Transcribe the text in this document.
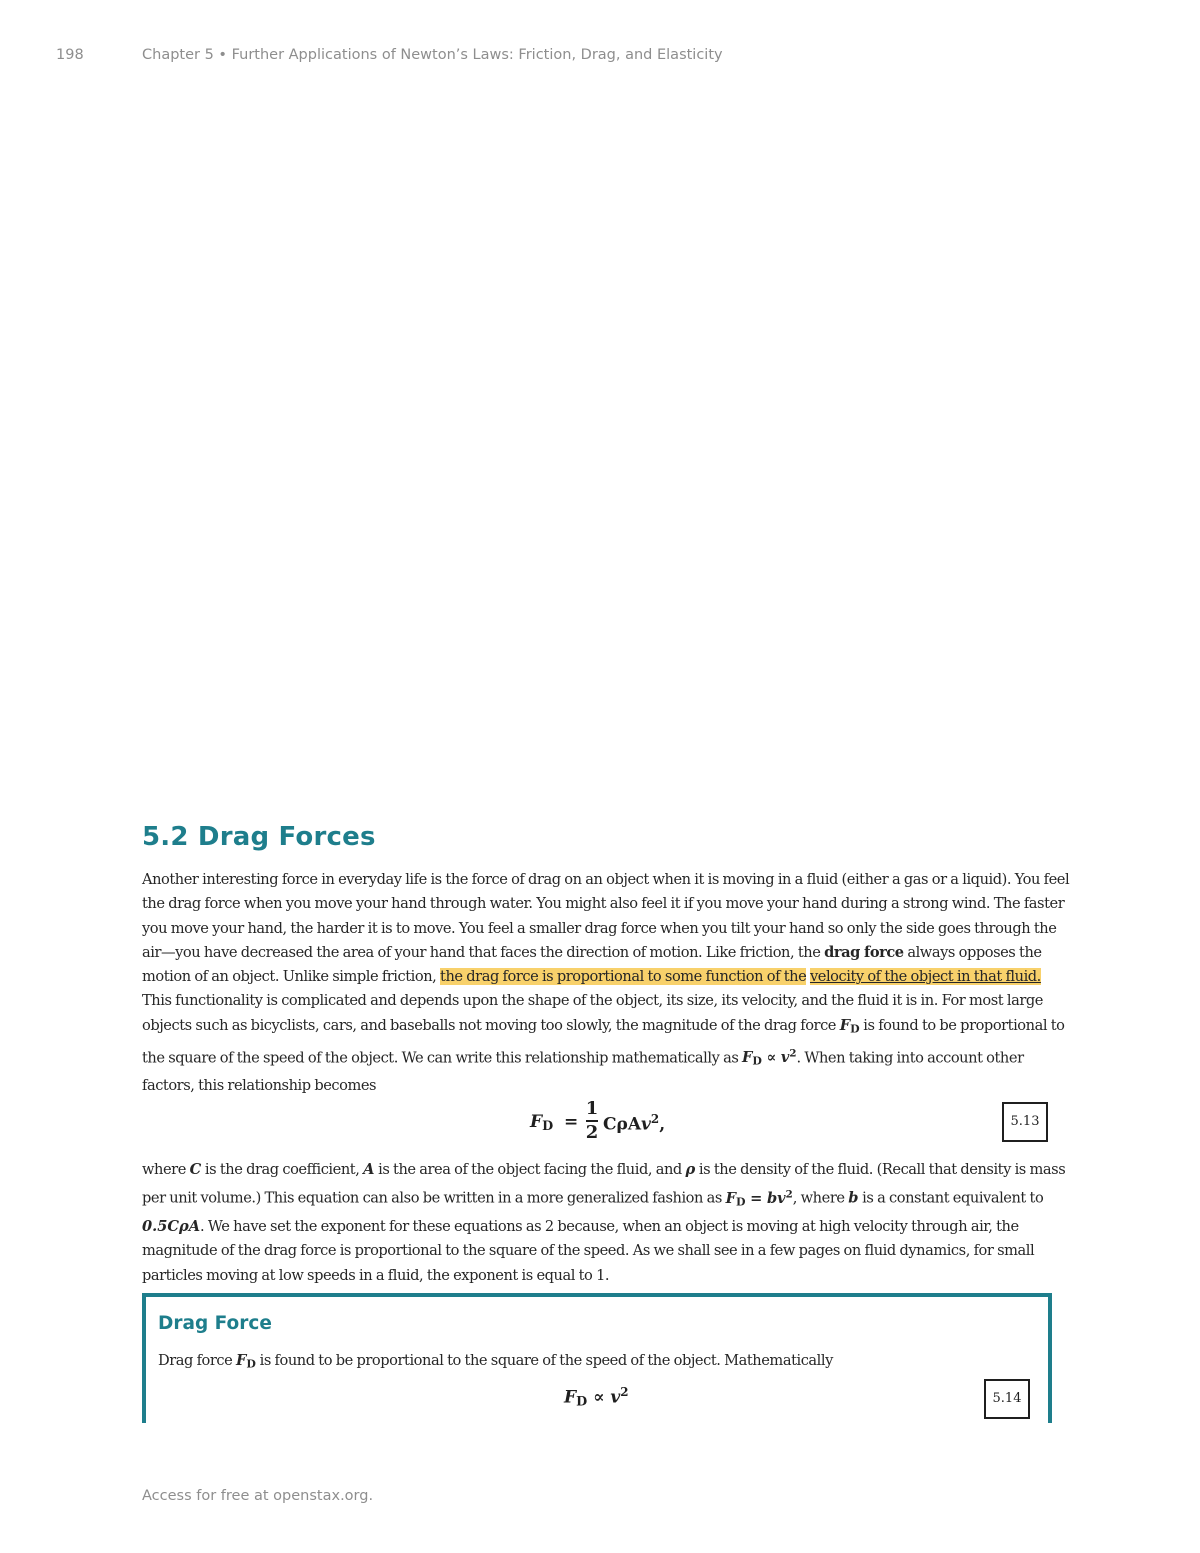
198	Chapter 5 • Further Applications of Newton’s Laws: Friction, Drag, and Elasticity
5.2 Drag Forces
Another interesting force in everyday life is the force of drag on an object when it is moving in a fluid (either a gas or a liquid). You feel the drag force when you move your hand through water. You might also feel it if you move your hand during a strong wind. The faster you move your hand, the harder it is to move. You feel a smaller drag force when you tilt your hand so only the side goes through the air—you have decreased the area of your hand that faces the direction of motion. Like friction, the drag force always opposes the motion of an object. Unlike simple friction, the drag force is proportional to some function of the velocity of the object in that fluid. This functionality is complicated and depends upon the shape of the object, its size, its velocity, and the fluid it is in. For most large objects such as bicyclists, cars, and baseballs not moving too slowly, the magnitude of the drag force $F_D$ is found to be proportional to the square of the speed of the object. We can write this relationship mathematically as $F_D \propto v^2$. When taking into account other factors, this relationship becomes
$F_D$ =
1
2 CρAv$^2$,	5.13
where C is the drag coefficient, A is the area of the object facing the fluid, and ρ is the density of the fluid. (Recall that density is mass per unit volume.) This equation can also be written in a more generalized fashion as $F_D = bv^2$, where b is a constant equivalent to 0.5CρA. We have set the exponent for these equations as 2 because, when an object is moving at high velocity through air, the magnitude of the drag force is proportional to the square of the speed. As we shall see in a few pages on fluid dynamics, for small particles moving at low speeds in a fluid, the exponent is equal to 1.
Drag Force
Drag force $F_D$ is found to be proportional to the square of the speed of the object. Mathematically
$F_D \propto v^2$	5.14
Access for free at openstax.org.
